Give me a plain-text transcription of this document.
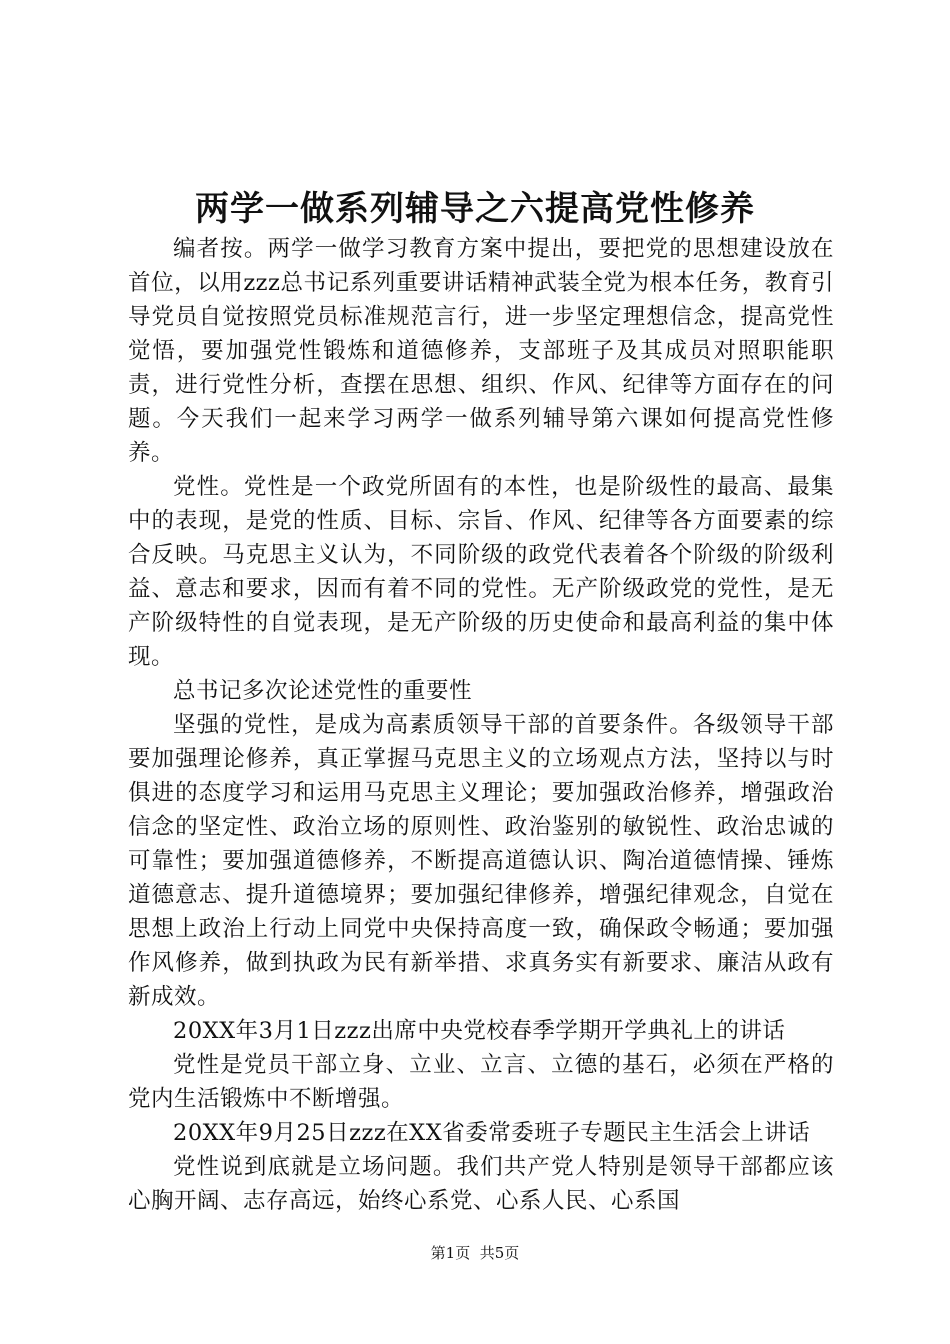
两学一做系列辅导之六提高党性修养

编者按。两学一做学习教育方案中提出，要把党的思想建设放在首位，以用zzz总书记系列重要讲话精神武装全党为根本任务，教育引导党员自觉按照党员标准规范言行，进一步坚定理想信念，提高党性觉悟，要加强党性锻炼和道德修养，支部班子及其成员对照职能职责，进行党性分析，查摆在思想、组织、作风、纪律等方面存在的问题。今天我们一起来学习两学一做系列辅导第六课如何提高党性修养。

党性。党性是一个政党所固有的本性，也是阶级性的最高、最集中的表现，是党的性质、目标、宗旨、作风、纪律等各方面要素的综合反映。马克思主义认为，不同阶级的政党代表着各个阶级的阶级利益、意志和要求，因而有着不同的党性。无产阶级政党的党性，是无产阶级特性的自觉表现，是无产阶级的历史使命和最高利益的集中体现。

总书记多次论述党性的重要性

坚强的党性，是成为高素质领导干部的首要条件。各级领导干部要加强理论修养，真正掌握马克思主义的立场观点方法，坚持以与时俱进的态度学习和运用马克思主义理论；要加强政治修养，增强政治信念的坚定性、政治立场的原则性、政治鉴别的敏锐性、政治忠诚的可靠性；要加强道德修养，不断提高道德认识、陶冶道德情操、锤炼道德意志、提升道德境界；要加强纪律修养，增强纪律观念，自觉在思想上政治上行动上同党中央保持高度一致，确保政令畅通；要加强作风修养，做到执政为民有新举措、求真务实有新要求、廉洁从政有新成效。

20XX年3月1日zzz出席中央党校春季学期开学典礼上的讲话

党性是党员干部立身、立业、立言、立德的基石，必须在严格的党内生活锻炼中不断增强。

20XX年9月25日zzz在XX省委常委班子专题民主生活会上讲话

党性说到底就是立场问题。我们共产党人特别是领导干部都应该心胸开阔、志存高远，始终心系党、心系人民、心系国

第1页 共5页
